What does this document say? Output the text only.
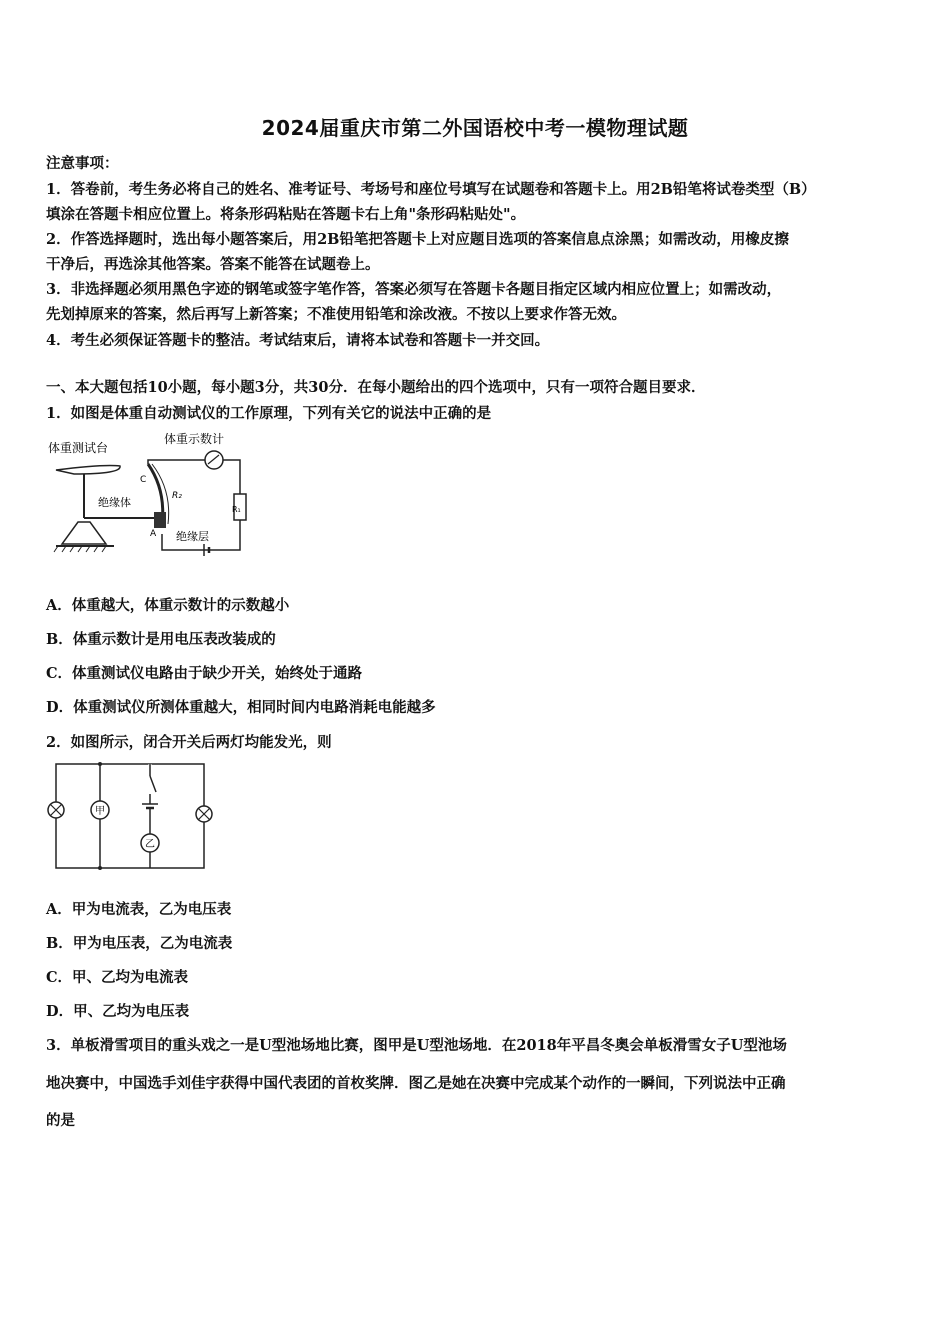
2024届重庆市第二外国语校中考一模物理试题
注意事项：
1．答卷前，考生务必将自己的姓名、准考证号、考场号和座位号填写在试题卷和答题卡上。用2B铅笔将试卷类型（B）
填涂在答题卡相应位置上。将条形码粘贴在答题卡右上角"条形码粘贴处"。
2．作答选择题时，选出每小题答案后，用2B铅笔把答题卡上对应题目选项的答案信息点涂黑；如需改动，用橡皮擦
干净后，再选涂其他答案。答案不能答在试题卷上。
3．非选择题必须用黑色字迹的钢笔或签字笔作答，答案必须写在答题卡各题目指定区域内相应位置上；如需改动，
先划掉原来的答案，然后再写上新答案；不准使用铅笔和涂改液。不按以上要求作答无效。
4．考生必须保证答题卡的整洁。考试结束后，请将本试卷和答题卡一并交回。
一、本大题包括10小题，每小题3分，共30分．在每小题给出的四个选项中，只有一项符合题目要求．
1．如图是体重自动测试仪的工作原理，下列有关它的说法中正确的是
体重测试台
体重示数计
绝缘体
R₁
R₂
C
A 绝缘层
A．体重越大，体重示数计的示数越小
B．体重示数计是用电压表改装成的
C．体重测试仪电路由于缺少开关，始终处于通路
D．体重测试仪所测体重越大，相同时间内电路消耗电能越多
2．如图所示，闭合开关后两灯均能发光，则
甲
乙
A．甲为电流表，乙为电压表
B．甲为电压表，乙为电流表
C．甲、乙均为电流表
D．甲、乙均为电压表
3．单板滑雪项目的重头戏之一是U型池场地比赛，图甲是U型池场地．在2018年平昌冬奥会单板滑雪女子U型池场
地决赛中，中国选手刘佳宇获得中国代表团的首枚奖牌．图乙是她在决赛中完成某个动作的一瞬间，下列说法中正确
的是
